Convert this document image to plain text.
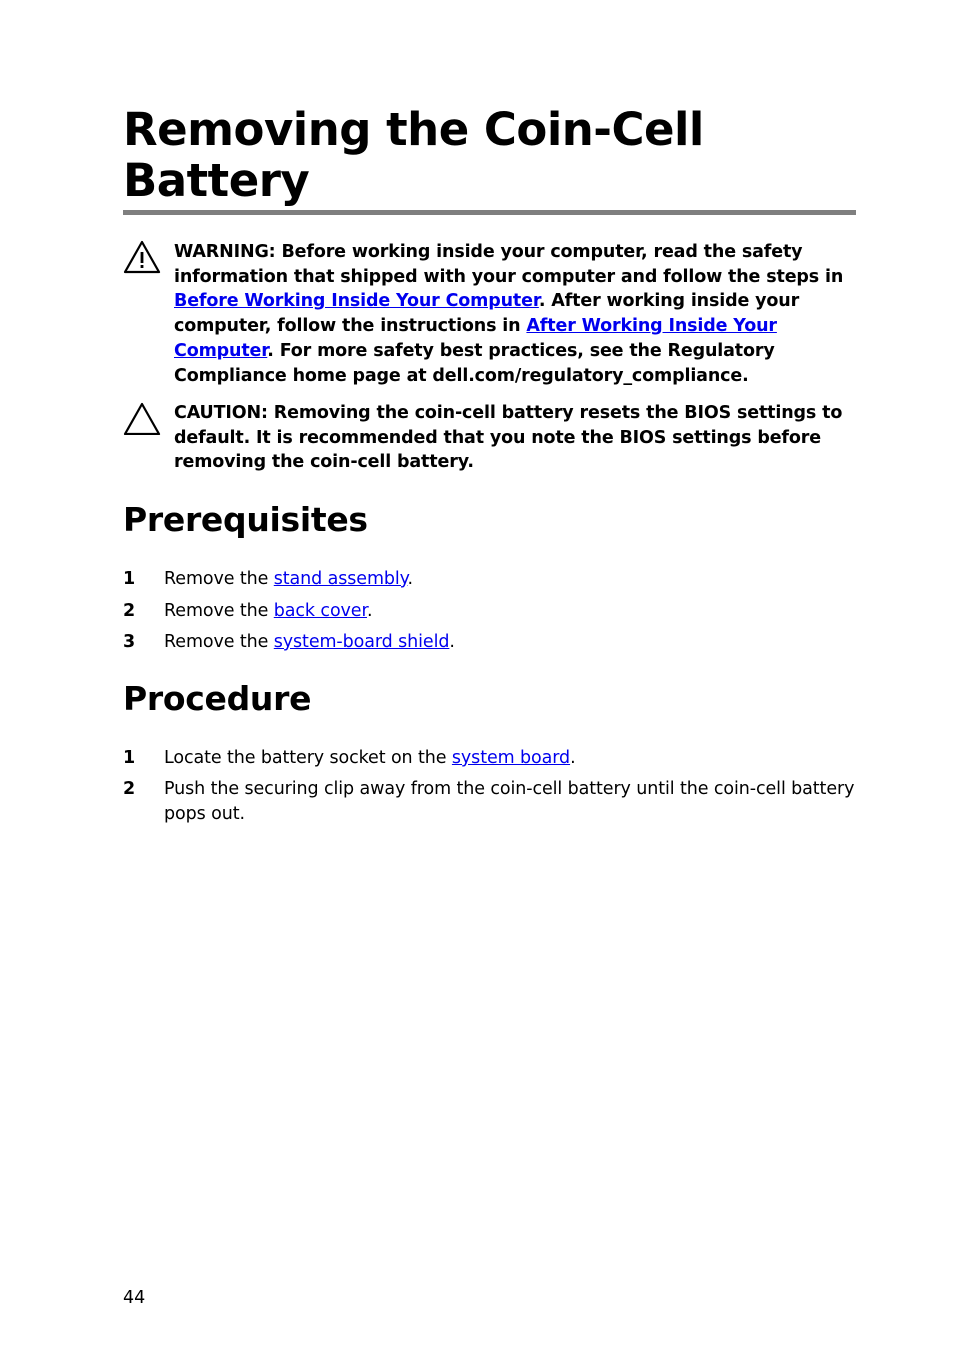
Removing the Coin-Cell Battery

WARNING: Before working inside your computer, read the safety information that shipped with your computer and follow the steps in Before Working Inside Your Computer. After working inside your computer, follow the instructions in After Working Inside Your Computer. For more safety best practices, see the Regulatory Compliance home page at dell.com/regulatory_compliance.

CAUTION: Removing the coin-cell battery resets the BIOS settings to default. It is recommended that you note the BIOS settings before removing the coin-cell battery.

Prerequisites
1 Remove the stand assembly.
2 Remove the back cover.
3 Remove the system-board shield.
Procedure
1 Locate the battery socket on the system board.
2 Push the securing clip away from the coin-cell battery until the coin-cell battery pops out.

44
